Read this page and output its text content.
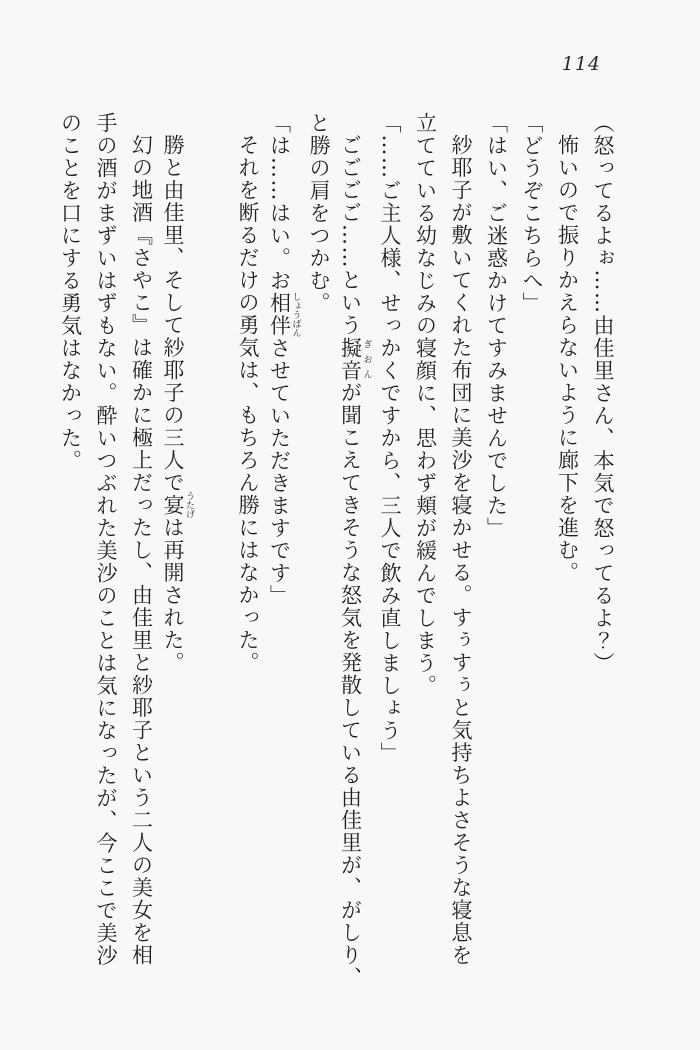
114
（怒ってるよぉ……由佳里さん、本気で怒ってるよ？）
怖いので振りかえらないように廊下を進む。
「どうぞこちらへ」
「はい、ご迷惑かけてすみませんでした」
紗耶子が敷いてくれた布団に美沙を寝かせる。すぅすぅと気持ちよさそうな寝息を
立てている幼なじみの寝顔に、思わず頬が緩んでしまう。
「……ご主人様、せっかくですから、三人で飲み直しましょう」
ごごごご……という擬音 ぎおんが聞こえてきそうな怒気を発散している由佳里が、がしり、
と勝の肩をつかむ。
「は……はい。お相伴 しょうばんさせていただきますです」
それを断るだけの勇気は、もちろん勝にはなかった。
勝と由佳里、そして紗耶子の三人で宴 うたげは再開された。
幻の地酒『さやこ』は確かに極上だったし、由佳里と紗耶子という二人の美女を相
手の酒がまずいはずもない。酔いつぶれた美沙のことは気になったが、今ここで美沙
のことを口にする勇気はなかった。
